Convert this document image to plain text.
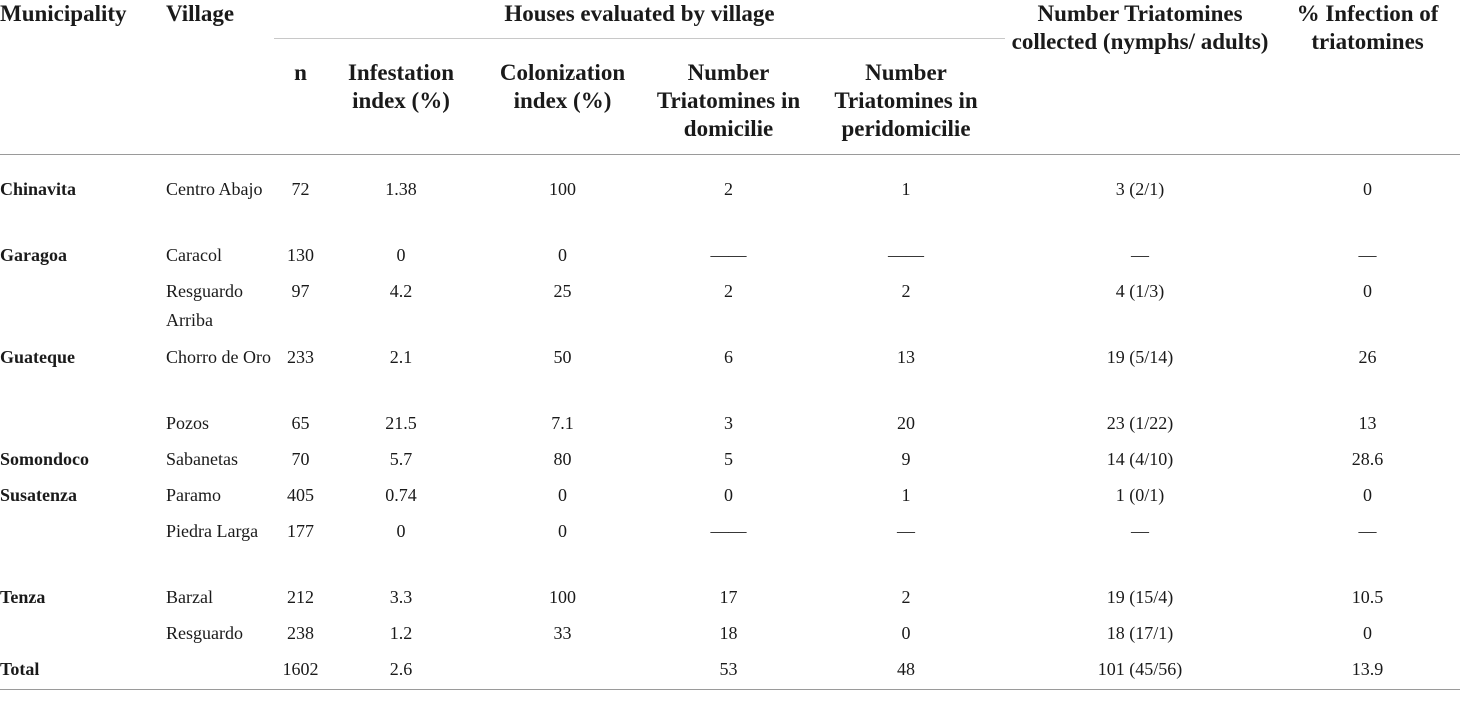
Municipality	Village	Houses evaluated by village					Number Triatomines collected (nymphs/ adults)	% Infection of triatomines
		n	Infestation index (%)	Colonization index (%)	Number Triatomines in domicilie	Number Triatomines in peridomicilie		
Chinavita	Centro Abajo	72	1.38	100	2	1	3 (2/1)	0
Garagoa	Caracol	130	0	0	——	——	—	—
	Resguardo Arriba	97	4.2	25	2	2	4 (1/3)	0
Guateque	Chorro de Oro	233	2.1	50	6	13	19 (5/14)	26
	Pozos	65	21.5	7.1	3	20	23 (1/22)	13
Somondoco	Sabanetas	70	5.7	80	5	9	14 (4/10)	28.6
Susatenza	Paramo	405	0.74	0	0	1	1 (0/1)	0
	Piedra Larga	177	0	0	——	—	—	—
Tenza	Barzal	212	3.3	100	17	2	19 (15/4)	10.5
	Resguardo	238	1.2	33	18	0	18 (17/1)	0
Total		1602	2.6		53	48	101 (45/56)	13.9
